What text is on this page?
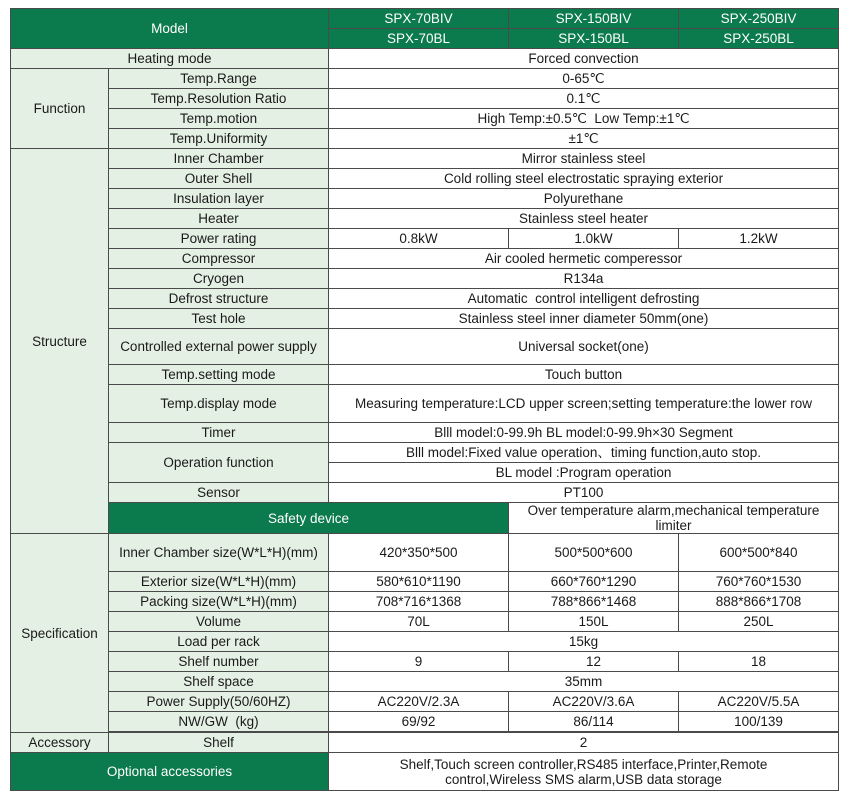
Model		SPX-70BIV	SPX-150BIV	SPX-250BIV
		SPX-70BL	SPX-150BL	SPX-250BL
Heating mode		Forced convection		
Function	Temp.Range	0-65℃		
	Temp.Resolution Ratio	0.1℃		
	Temp.motion	High Temp:±0.5℃  Low Temp:±1℃		
	Temp.Uniformity	±1℃		
Structure	Inner Chamber	Mirror stainless steel		
	Outer Shell	Cold rolling steel electrostatic spraying exterior		
	Insulation layer	Polyurethane		
	Heater	Stainless steel heater		
	Power rating	0.8kW	1.0kW	1.2kW
	Compressor	Air cooled hermetic comperessor		
	Cryogen	R134a		
	Defrost structure	Automatic  control intelligent defrosting		
	Test hole	Stainless steel inner diameter 50mm(one)		
	Controlled external power supply	Universal socket(one)		
	Temp.setting mode	Touch button		
	Temp.display mode	Measuring temperature:LCD upper screen;setting temperature:the lower row		
	Timer	Blll model:0-99.9h BL model:0-99.9h×30 Segment		
	Operation function	Blll model:Fixed value operation、timing function,auto stop.		
		BL model :Program operation		
	Sensor	PT100		
	Safety device		Over temperature alarm,mechanical temperature limiter	
Specification	Inner Chamber size(W*L*H)(mm)	420*350*500	500*500*600	600*500*840
	Exterior size(W*L*H)(mm)	580*610*1190	660*760*1290	760*760*1530
	Packing size(W*L*H)(mm)	708*716*1368	788*866*1468	888*866*1708
	Volume	70L	150L	250L
	Load per rack	15kg		
	Shelf number	9	12	18
	Shelf space	35mm		
	Power Supply(50/60HZ)	AC220V/2.3A	AC220V/3.6A	AC220V/5.5A
	NW/GW  (kg)	69/92	86/114	100/139

Accessory	Shelf	2		
Optional accessories		Shelf,Touch screen controller,RS485 interface,Printer,Remote control,Wireless SMS alarm,USB data storage		
